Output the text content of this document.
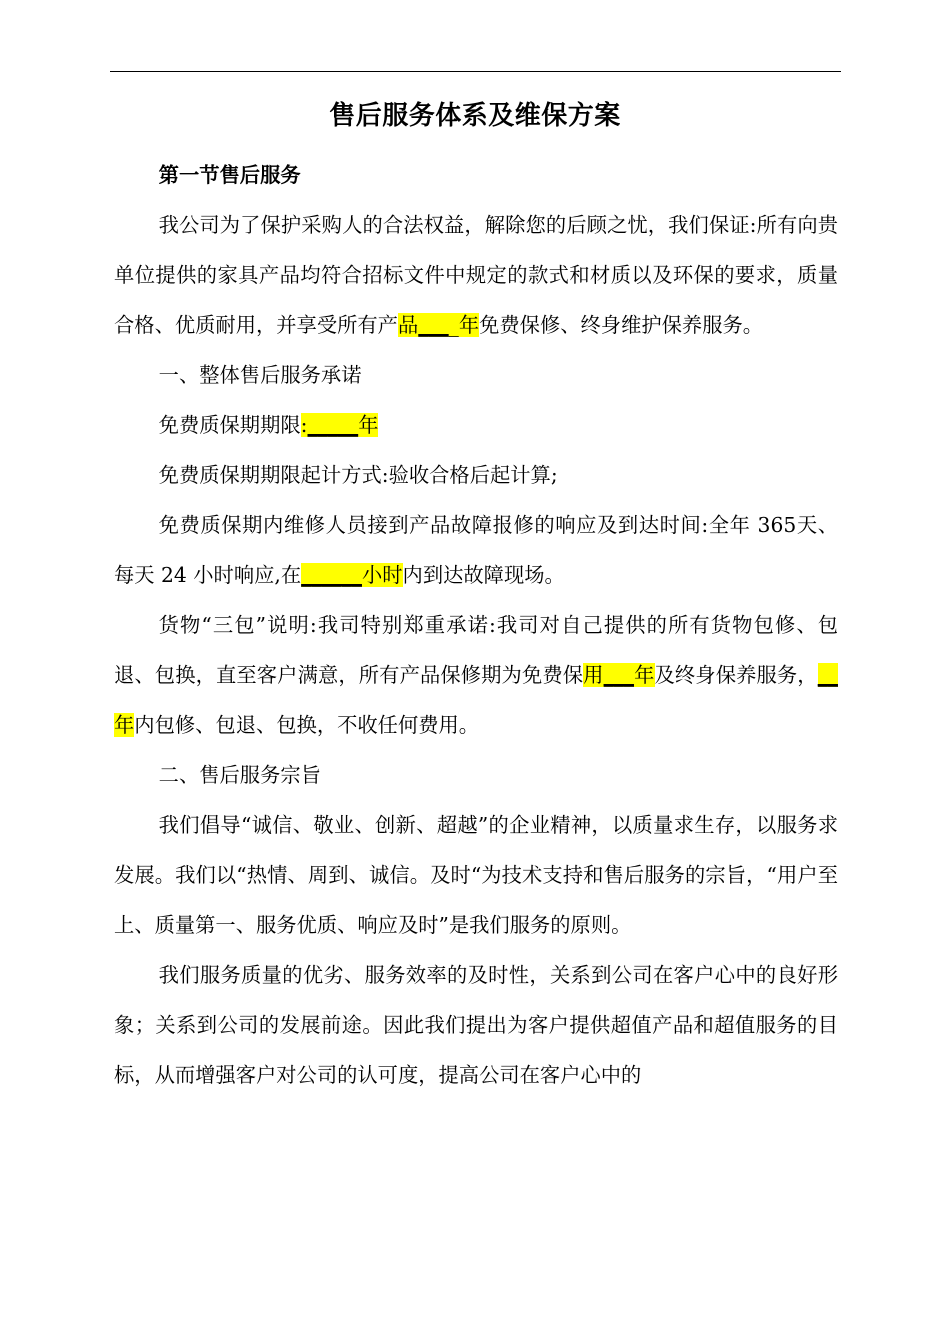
售后服务体系及维保方案

第一节售后服务

我公司为了保护采购人的合法权益，解除您的后顾之忧，我们保证:所有向贵单位提供的家具产品均符合招标文件中规定的款式和材质以及环保的要求，质量合格、优质耐用，并享受所有产品____年免费保修、终身维护保养服务。

一、整体售后服务承诺

免费质保期期限:_____年

免费质保期期限起计方式:验收合格后起计算;

免费质保期内维修人员接到产品故障报修的响应及到达时间:全年 365天、每天 24 小时响应,在______小时内到达故障现场。

货物“三包”说明:我司特别郑重承诺:我司对自己提供的所有货物包修、包退、包换，直至客户满意，所有产品保修期为免费保用___年及终身保养服务，__年内包修、包退、包换，不收任何费用。

二、售后服务宗旨

我们倡导“诚信、敬业、创新、超越”的企业精神，以质量求生存，以服务求发展。我们以“热情、周到、诚信。及时“为技术支持和售后服务的宗旨，“用户至上、质量第一、服务优质、响应及时”是我们服务的原则。

我们服务质量的优劣、服务效率的及时性，关系到公司在客户心中的良好形象；关系到公司的发展前途。因此我们提出为客户提供超值产品和超值服务的目标，从而增强客户对公司的认可度，提高公司在客户心中的
